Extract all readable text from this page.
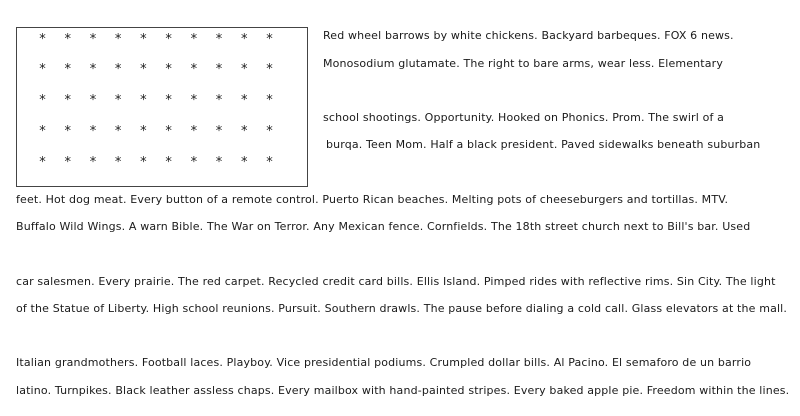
* * * * * * * * * *
* * * * * * * * * *
* * * * * * * * * *
* * * * * * * * * *
* * * * * * * * * *
Red wheel barrows by white chickens. Backyard barbeques. FOX 6 news.
Monosodium glutamate. The right to bare arms, wear less. Elementary
school shootings. Opportunity. Hooked on Phonics. Prom. The swirl of a
burqa. Teen Mom. Half a black president. Paved sidewalks beneath suburban
feet. Hot dog meat. Every button of a remote control. Puerto Rican beaches. Melting pots of cheeseburgers and tortillas. MTV.
Buffalo Wild Wings. A warn Bible. The War on Terror. Any Mexican fence. Cornfields. The 18th street church next to Bill's bar. Used
car salesmen. Every prairie. The red carpet. Recycled credit card bills. Ellis Island. Pimped rides with reflective rims. Sin City. The light
of the Statue of Liberty. High school reunions. Pursuit. Southern drawls. The pause before dialing a cold call. Glass elevators at the mall.
Italian grandmothers. Football laces. Playboy. Vice presidential podiums. Crumpled dollar bills. Al Pacino. El semaforo de un barrio
latino. Turnpikes. Black leather assless chaps. Every mailbox with hand-painted stripes. Every baked apple pie. Freedom within the lines.
